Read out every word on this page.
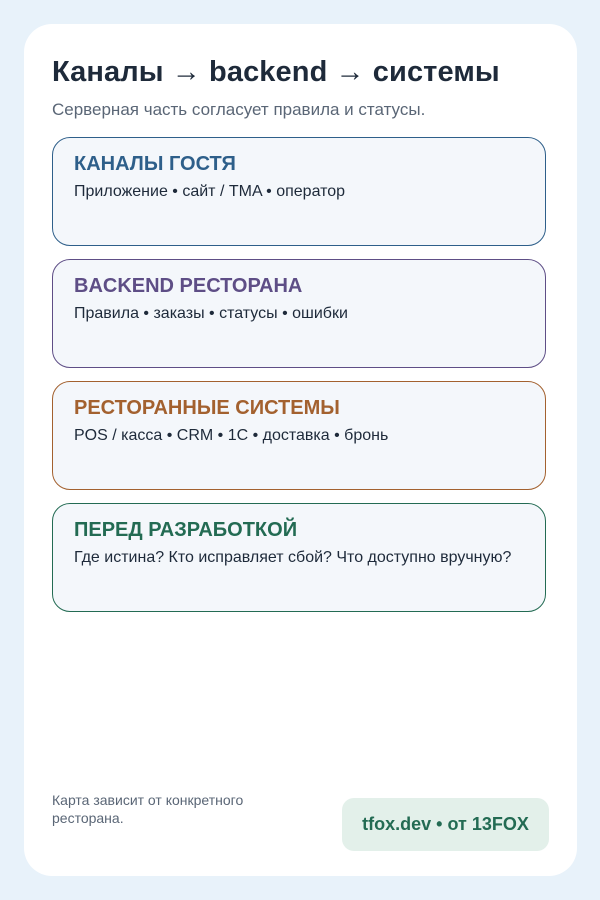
Каналы → backend → системы

Серверная часть согласует правила и статусы.

КАНАЛЫ ГОСТЯ
Приложение • сайт / TMA • оператор
BACKEND РЕСТОРАНА
Правила • заказы • статусы • ошибки
РЕСТОРАННЫЕ СИСТЕМЫ
POS / касса • CRM • 1С • доставка • бронь
ПЕРЕД РАЗРАБОТКОЙ
Где истина? Кто исправляет сбой? Что доступно вручную?

Карта зависит от конкретного ресторана.	tfox.dev • от 13FOX
